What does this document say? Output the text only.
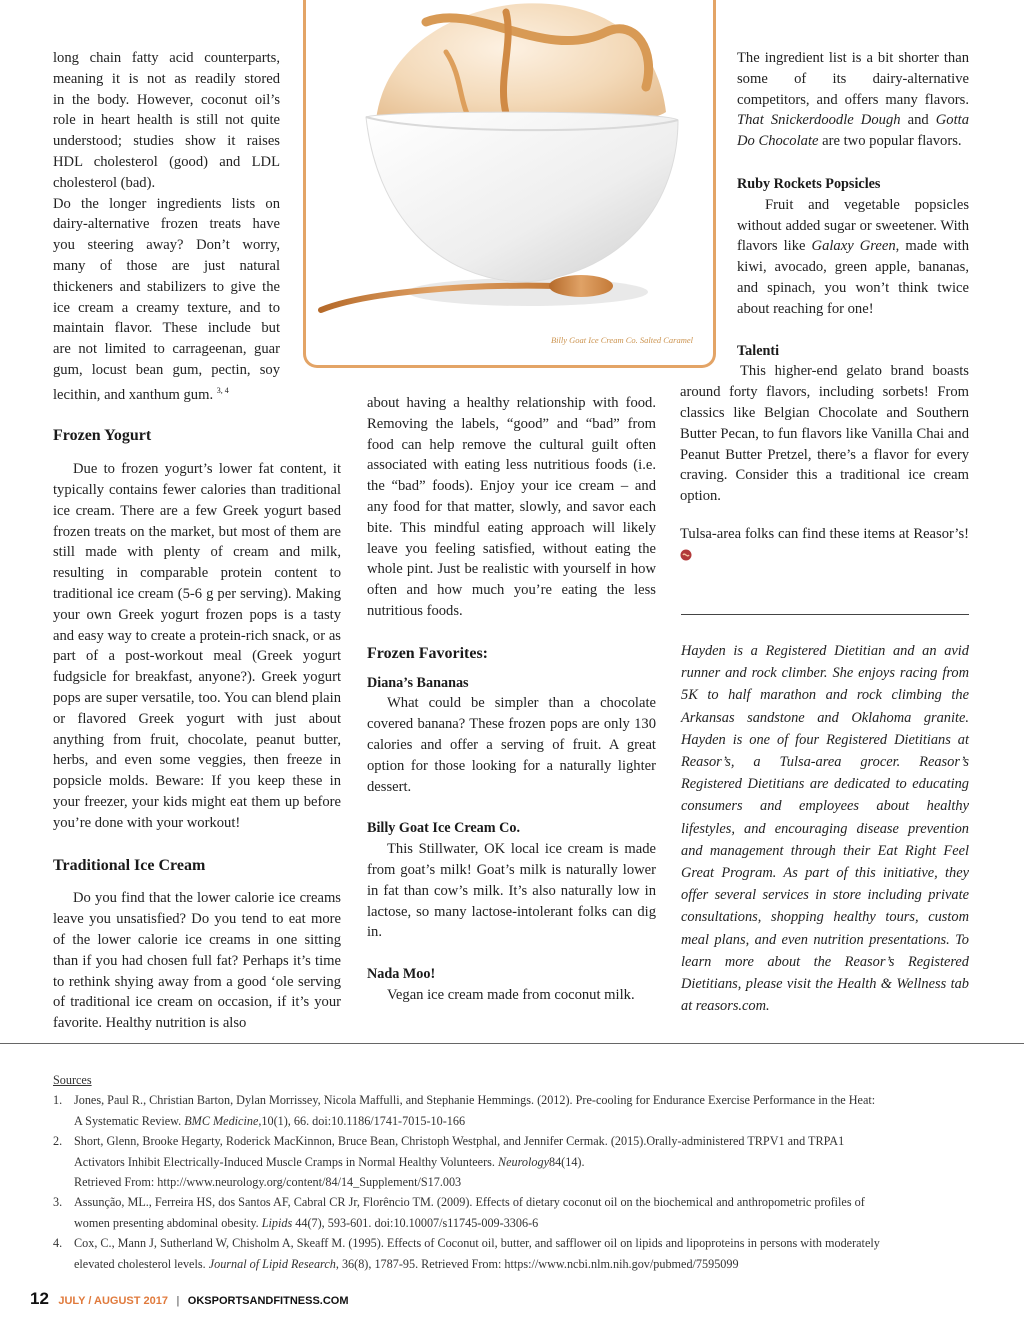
Billy Goat Ice Cream Co. Salted Caramel

long chain fatty acid counterparts,
meaning it is not as readily stored
in the body. However, coconut oil’s
role in heart health is still not quite
understood; studies show it raises
HDL cholesterol (good) and LDL
cholesterol (bad).

Do the longer ingredients lists on
dairy-alternative frozen treats have
you steering away? Don’t worry,
many of those are just natural
thickeners and stabilizers to give the
ice cream a creamy texture, and to
maintain flavor. These include but
are not limited to carrageenan, guar
gum, locust bean gum, pectin, soy
lecithin, and xanthum gum. $^{3, 4}$

Frozen Yogurt

Due to frozen yogurt’s lower fat content, it typically contains fewer calories than traditional ice cream. There are a few Greek yogurt based frozen treats on the market, but most of them are still made with plenty of cream and milk, resulting in comparable protein content to traditional ice cream (5-6 g per serving). Making your own Greek yogurt frozen pops is a tasty and easy way to create a protein-rich snack, or as part of a post-workout meal (Greek yogurt fudgsicle for breakfast, anyone?). Greek yogurt pops are super versatile, too. You can blend plain or flavored Greek yogurt with just about anything from fruit, chocolate, peanut butter, herbs, and even some veggies, then freeze in popsicle molds. Beware: If you keep these in your freezer, your kids might eat them up before you’re done with your workout!

Traditional Ice Cream

Do you find that the lower calorie ice creams leave you unsatisfied? Do you tend to eat more of the lower calorie ice creams in one sitting than if you had chosen full fat? Perhaps it’s time to rethink shying away from a good ‘ole serving of traditional ice cream on occasion, if it’s your favorite. Healthy nutrition is also

about having a healthy relationship with food. Removing the labels, “good” and “bad” from food can help remove the cultural guilt often associated with eating less nutritious foods (i.e. the “bad” foods). Enjoy your ice cream – and any food for that matter, slowly, and savor each bite. This mindful eating approach will likely leave you feeling satisfied, without eating the whole pint. Just be realistic with yourself in how often and how much you’re eating the less nutritious foods.

Frozen Favorites:
Diana’s Bananas

What could be simpler than a chocolate covered banana? These frozen pops are only 130 calories and offer a serving of fruit. A great option for those looking for a naturally lighter dessert.

Billy Goat Ice Cream Co.

This Stillwater, OK local ice cream is made from goat’s milk! Goat’s milk is naturally lower in fat than cow’s milk. It’s also naturally low in lactose, so many lactose-intolerant folks can dig in.

Nada Moo!

Vegan ice cream made from coconut milk.

The ingredient list is a bit shorter than some of its dairy-alternative competitors, and offers many flavors. That Snickerdoodle Dough and Gotta Do Chocolate are two popular flavors.

Ruby Rockets Popsicles

Fruit and vegetable popsicles without added sugar or sweetener. With flavors like Galaxy Green, made with kiwi, avocado, green apple, bananas, and spinach, you won’t think twice about reaching for one!

Talenti

This higher-end gelato brand boasts around forty flavors, including sorbets! From classics like Belgian Chocolate and Southern Butter Pecan, to fun flavors like Vanilla Chai and Peanut Butter Pretzel, there’s a flavor for every craving. Consider this a traditional ice cream option.

Tulsa-area folks can find these items at Reasor’s!

Hayden is a Registered Dietitian and an avid runner and rock climber. She enjoys racing from 5K to half marathon and rock climbing the Arkansas sandstone and Oklahoma granite. Hayden is one of four Registered Dietitians at Reasor’s, a Tulsa-area grocer. Reasor’s Registered Dietitians are dedicated to educating consumers and employees about healthy lifestyles, and encouraging disease prevention and management through their Eat Right Feel Great Program. As part of this initiative, they offer several services in store including private consultations, shopping healthy tours, custom meal plans, and even nutrition presentations. To learn more about the Reasor’s Registered Dietitians, please visit the Health & Wellness tab at reasors.com.
Sources
1. Jones, Paul R., Christian Barton, Dylan Morrissey, Nicola Maffulli, and Stephanie Hemmings. (2012). Pre-cooling for Endurance Exercise Performance in the Heat:
A Systematic Review. BMC Medicine,10(1), 66. doi:10.1186/1741-7015-10-166
2. Short, Glenn, Brooke Hegarty, Roderick MacKinnon, Bruce Bean, Christoph Westphal, and Jennifer Cermak. (2015).Orally-administered TRPV1 and TRPA1
Activators Inhibit Electrically-Induced Muscle Cramps in Normal Healthy Volunteers. Neurology84(14).
Retrieved From: http://www.neurology.org/content/84/14_Supplement/S17.003
3. Assunção, ML., Ferreira HS, dos Santos AF, Cabral CR Jr, Florêncio TM. (2009). Effects of dietary coconut oil on the biochemical and anthropometric profiles of
women presenting abdominal obesity. Lipids 44(7), 593-601. doi:10.10007/s11745-009-3306-6
4. Cox, C., Mann J, Sutherland W, Chisholm A, Skeaff M. (1995). Effects of Coconut oil, butter, and safflower oil on lipids and lipoproteins in persons with moderately
elevated cholesterol levels. Journal of Lipid Research, 36(8), 1787-95. Retrieved From: https://www.ncbi.nlm.nih.gov/pubmed/7595099
12 JULY / AUGUST 2017 | OKSPORTSANDFITNESS.COM
